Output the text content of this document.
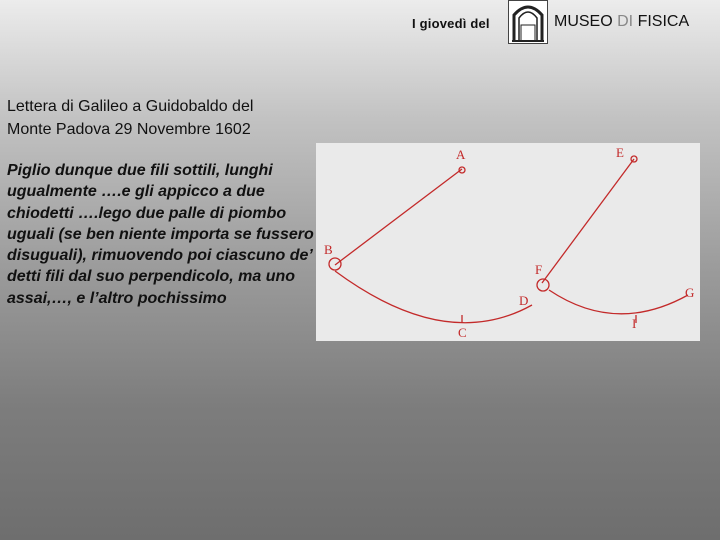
I giovedì del	MUSEO DI FISICA
Lettera di Galileo a Guidobaldo del
Monte Padova 29 Novembre 1602
Piglio dunque due fili sottili, lunghi ugualmente ….e gli appicco a due chiodetti ….lego due palle di piombo uguali (se ben niente importa se fussero disuguali), rimuovendo poi ciascuno de’ detti fili dal suo perpendicolo, ma uno assai,…, e l’altro pochissimo
A
B
C
D
E
F
G
I
